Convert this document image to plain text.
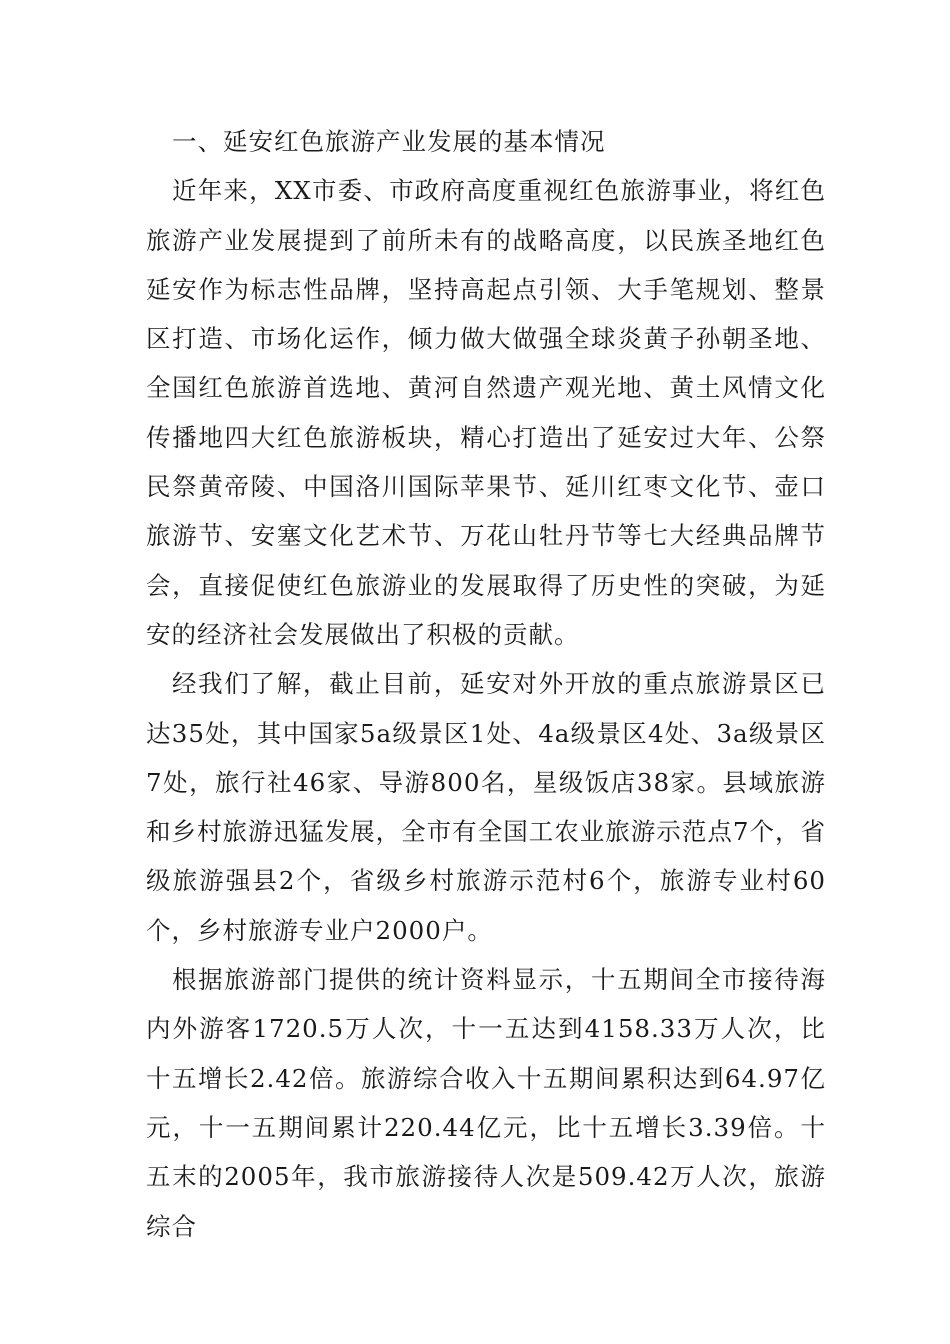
一、延安红色旅游产业发展的基本情况

近年来，XX市委、市政府高度重视红色旅游事业，将红色旅游产业发展提到了前所未有的战略高度，以民族圣地红色延安作为标志性品牌，坚持高起点引领、大手笔规划、整景区打造、市场化运作，倾力做大做强全球炎黄子孙朝圣地、全国红色旅游首选地、黄河自然遗产观光地、黄土风情文化传播地四大红色旅游板块，精心打造出了延安过大年、公祭民祭黄帝陵、中国洛川国际苹果节、延川红枣文化节、壶口旅游节、安塞文化艺术节、万花山牡丹节等七大经典品牌节会，直接促使红色旅游业的发展取得了历史性的突破，为延安的经济社会发展做出了积极的贡献。

经我们了解，截止目前，延安对外开放的重点旅游景区已达35处，其中国家5a级景区1处、4a级景区4处、3a级景区7处，旅行社46家、导游800名，星级饭店38家。县域旅游和乡村旅游迅猛发展，全市有全国工农业旅游示范点7个，省级旅游强县2个，省级乡村旅游示范村6个，旅游专业村60个，乡村旅游专业户2000户。

根据旅游部门提供的统计资料显示，十五期间全市接待海内外游客1720.5万人次，十一五达到4158.33万人次，比十五增长2.42倍。旅游综合收入十五期间累积达到64.97亿元，十一五期间累计220.44亿元，比十五增长3.39倍。十五末的2005年，我市旅游接待人次是509.42万人次，旅游综合
